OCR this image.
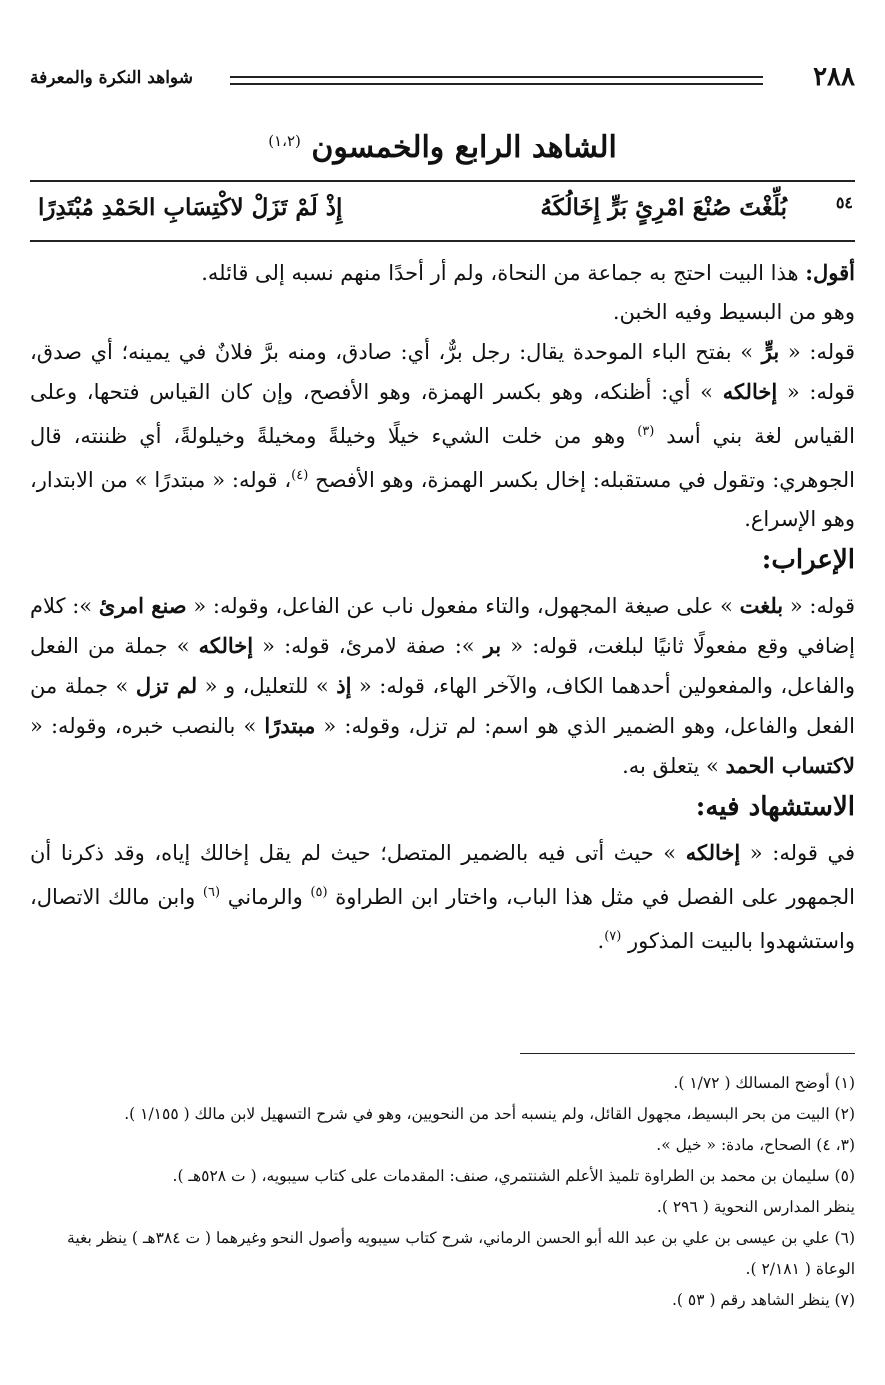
٢٨٨
شواهد النكرة والمعرفة
الشاهد الرابع والخمسون $^{(١،٢)}$
٥٤
بُلِّغْتَ صُنْعَ امْرِئٍ بَرٍّ إِخَالُكَهُ
إِذْ لَمْ تَزَلْ لاكْتِسَابِ الحَمْدِ مُبْتَدِرًا

أقول: هذا البيت احتج به جماعة من النحاة، ولم أر أحدًا منهم نسبه إلى قائله.

وهو من البسيط وفيه الخبن.

قوله: « برٍّ » بفتح الباء الموحدة يقال: رجل برٌّ، أي: صادق، ومنه برَّ فلانٌ في يمينه؛ أي صدق، قوله: « إخالكه » أي: أظنكه، وهو بكسر الهمزة، وهو الأفصح، وإن كان القياس فتحها، وعلى القياس لغة بني أسد $^{(٣)}$ وهو من خلت الشيء خيلًا وخيلةً ومخيلةً وخيلولةً، أي ظننته، قال الجوهري: وتقول في مستقبله: إخال بكسر الهمزة، وهو الأفصح $^{(٤)}$، قوله: « مبتدرًا » من الابتدار، وهو الإسراع.

الإعراب:

قوله: « بلغت » على صيغة المجهول، والتاء مفعول ناب عن الفاعل، وقوله: « صنع امرئ »: كلام إضافي وقع مفعولًا ثانيًا لبلغت، قوله: « بر »: صفة لامرئ، قوله: « إخالكه » جملة من الفعل والفاعل، والمفعولين أحدهما الكاف، والآخر الهاء، قوله: « إذ » للتعليل، و « لم تزل » جملة من الفعل والفاعل، وهو الضمير الذي هو اسم: لم تزل، وقوله: « مبتدرًا » بالنصب خبره، وقوله: « لاكتساب الحمد » يتعلق به.

الاستشهاد فيه:

في قوله: « إخالكه » حيث أتى فيه بالضمير المتصل؛ حيث لم يقل إخالك إياه، وقد ذكرنا أن الجمهور على الفصل في مثل هذا الباب، واختار ابن الطراوة $^{(٥)}$ والرماني $^{(٦)}$ وابن مالك الاتصال، واستشهدوا بالبيت المذكور $^{(٧)}$.

(١) أوضح المسالك ( ١/٧٢ ).

(٢) البيت من بحر البسيط، مجهول القائل، ولم ينسبه أحد من النحويين، وهو في شرح التسهيل لابن مالك ( ١/١٥٥ ).

(٣، ٤) الصحاح، مادة: « خيل ».

(٥) سليمان بن محمد بن الطراوة تلميذ الأعلم الشنتمري، صنف: المقدمات على كتاب سيبويه، ( ت ٥٢٨هـ ).

ينظر المدارس النحوية ( ٢٩٦ ).

(٦) علي بن عيسى بن علي بن عبد الله أبو الحسن الرماني، شرح كتاب سيبويه وأصول النحو وغيرهما ( ت ٣٨٤هـ ) ينظر بغية الوعاة ( ٢/١٨١ ).

(٧) ينظر الشاهد رقم ( ٥٣ ).
